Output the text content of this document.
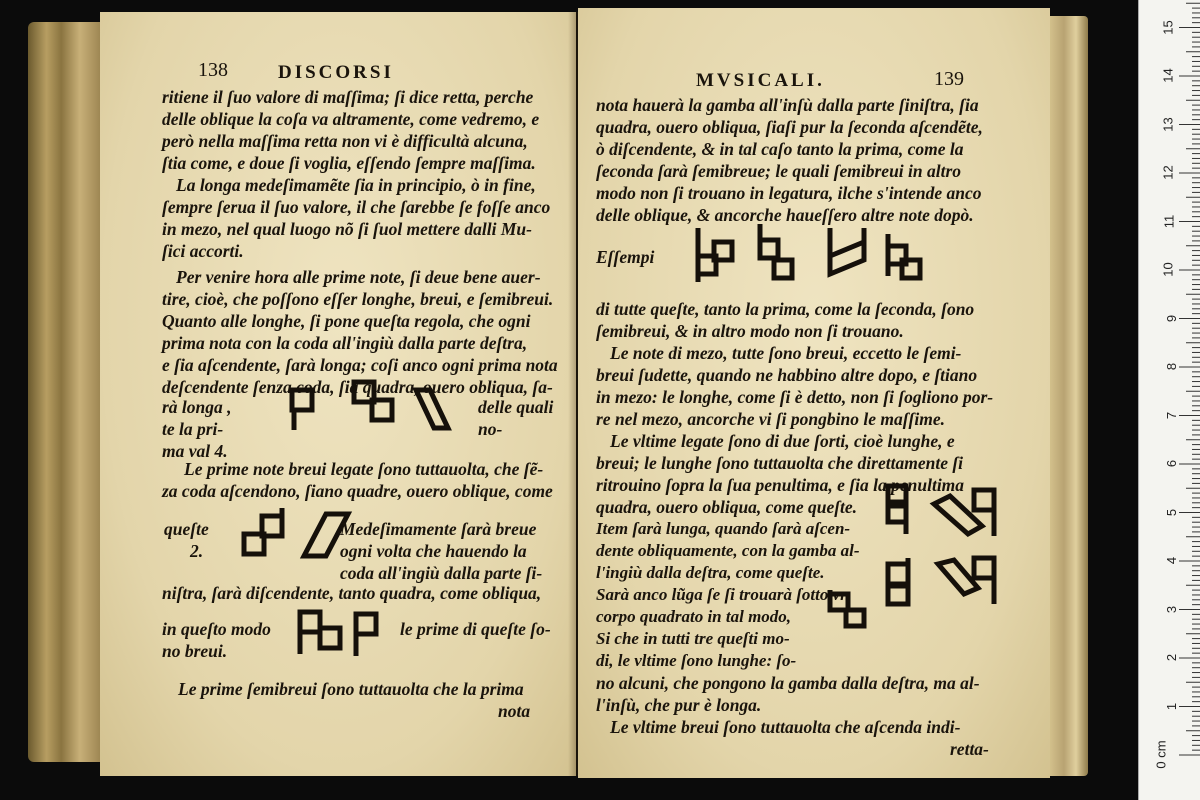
138	DISCORSI
ritiene il ſuo valore di maſſima; ſi dice retta, perche
delle oblique la coſa va altramente, come vedremo, e
però nella maſſima retta non vi è difficultà alcuna,
ſtia come, e doue ſi voglia, eſſendo ſempre maſſima.
La longa medeſimamẽte ſia in principio, ò in fine,
ſempre ſerua il ſuo valore, il che ſarebbe ſe foſſe anco
in mezo, nel qual luogo nõ ſi ſuol mettere dalli Mu-
ſici accorti.
Per venire hora alle prime note, ſi deue bene auer-
tire, cioè, che poſſono eſſer longhe, breui, e ſemibreui.
Quanto alle longhe, ſi pone queſta regola, che ogni
prima nota con la coda all'ingiù dalla parte deſtra,
e ſia aſcendente, ſarà longa; coſi anco ogni prima nota
deſcendente ſenza coda, ſia quadra, ouero obliqua, ſa-
rà longa ,
te la pri-
ma val 4.
delle quali no-
Le prime note breui legate ſono tuttauolta, che ſẽ-
za coda aſcendono, ſiano quadre, ouero oblique, come
queſte
2.
Medeſimamente ſarà breue
ogni volta che hauendo la
coda all'ingiù dalla parte ſi-
niſtra, ſarà diſcendente, tanto quadra, come obliqua,
in queſto modo
no breui.
le prime di queſte ſo-
Le prime ſemibreui ſono tuttauolta che la prima
nota
MVSICALI.	139
nota hauerà la gamba all'inſù dalla parte ſiniſtra, ſia
quadra, ouero obliqua, ſiaſi pur la ſeconda aſcendẽte,
ò diſcendente, & in tal caſo tanto la prima, come la
ſeconda ſarà ſemibreue; le quali ſemibreui in altro
modo non ſi trouano in legatura, ilche s'intende anco
delle oblique, & ancorche haueſſero altre note dopò.
Eſſempi
di tutte queſte, tanto la prima, come la ſeconda, ſono
ſemibreui, & in altro modo non ſi trouano.
Le note di mezo, tutte ſono breui, eccetto le ſemi-
breui ſudette, quando ne habbino altre dopo, e ſtiano
in mezo: le longhe, come ſi è detto, non ſi ſogliono por-
re nel mezo, ancorche vi ſi pongbino le maſſime.
Le vltime legate ſono di due ſorti, cioè lunghe, e
breui; le lunghe ſono tuttauolta che direttamente ſi
ritrouino ſopra la ſua penultima, e ſia la penultima
quadra, ouero obliqua, come queſte.
Item ſarà lunga, quando ſarà aſcen-
dente obliquamente, con la gamba al-
l'ingiù dalla deſtra, come queſte.
Sarà anco lũga ſe ſi trouarà ſotto vn
corpo quadrato in tal modo,
Si che in tutti tre queſti mo-
di, le vltime ſono lunghe: ſo-
no alcuni, che pongono la gamba dalla deſtra, ma al-
l'inſù, che pur è longa.
Le vltime breui ſono tuttauolta che aſcenda indi-
retta-	0 cm
1
2
3
4
5
6
7
8
9
10
11
12
13
14
15
